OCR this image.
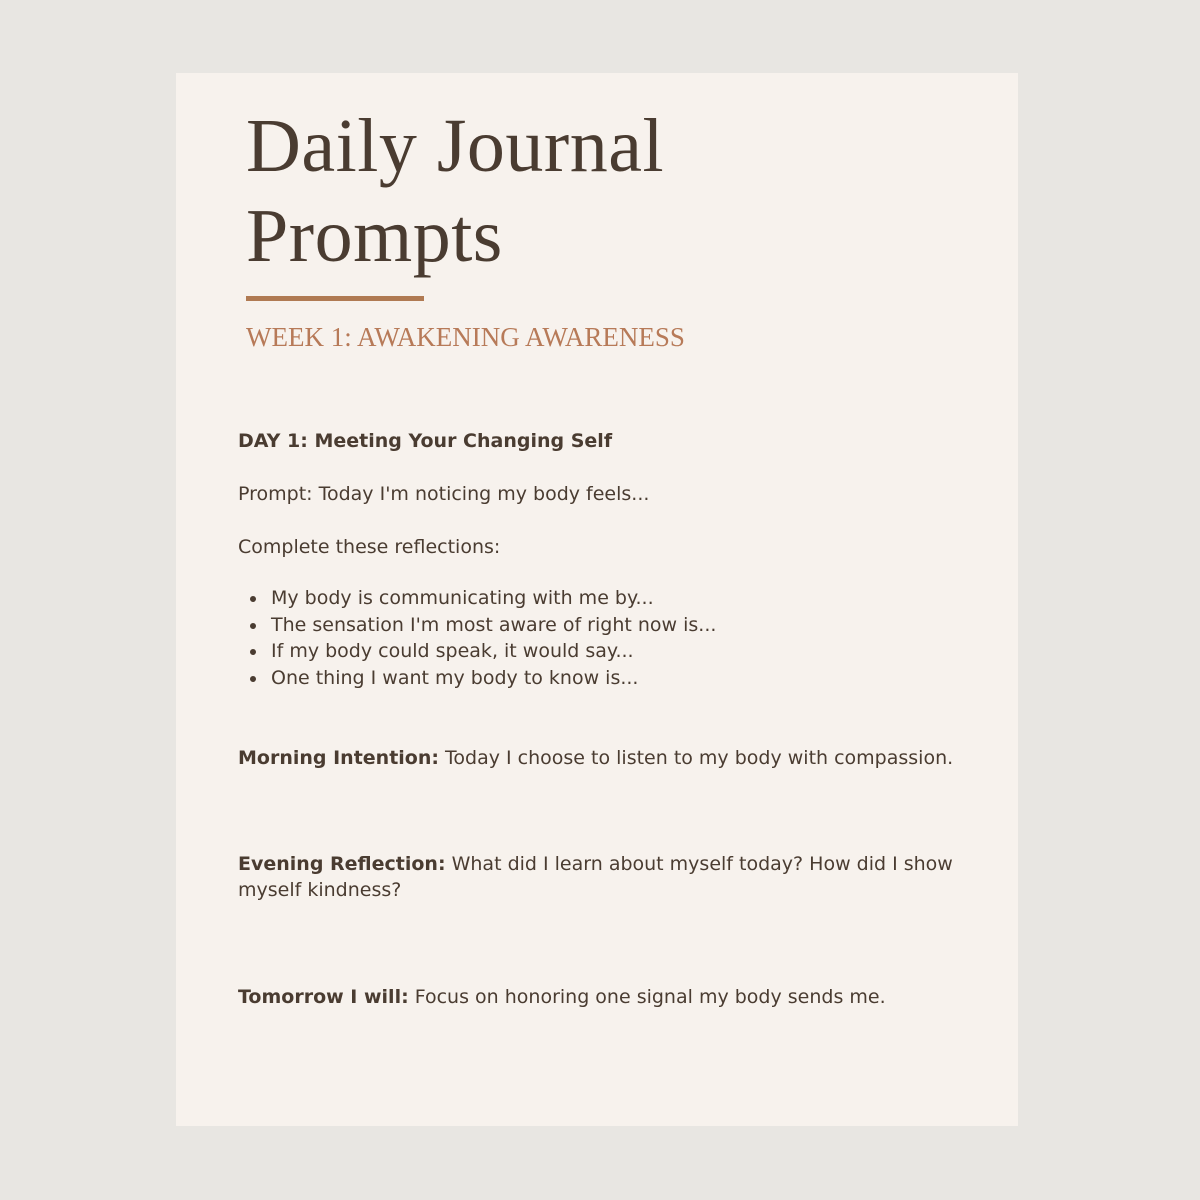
Daily Journal
Prompts
WEEK 1: AWAKENING AWARENESS

DAY 1: Meeting Your Changing Self

Prompt: Today I'm noticing my body feels...

Complete these reflections:

My body is communicating with me by...
The sensation I'm most aware of right now is...
If my body could speak, it would say...
One thing I want my body to know is...

Morning Intention: Today I choose to listen to my body with compassion.

Evening Reflection: What did I learn about myself today? How did I show myself kindness?

Tomorrow I will: Focus on honoring one signal my body sends me.
